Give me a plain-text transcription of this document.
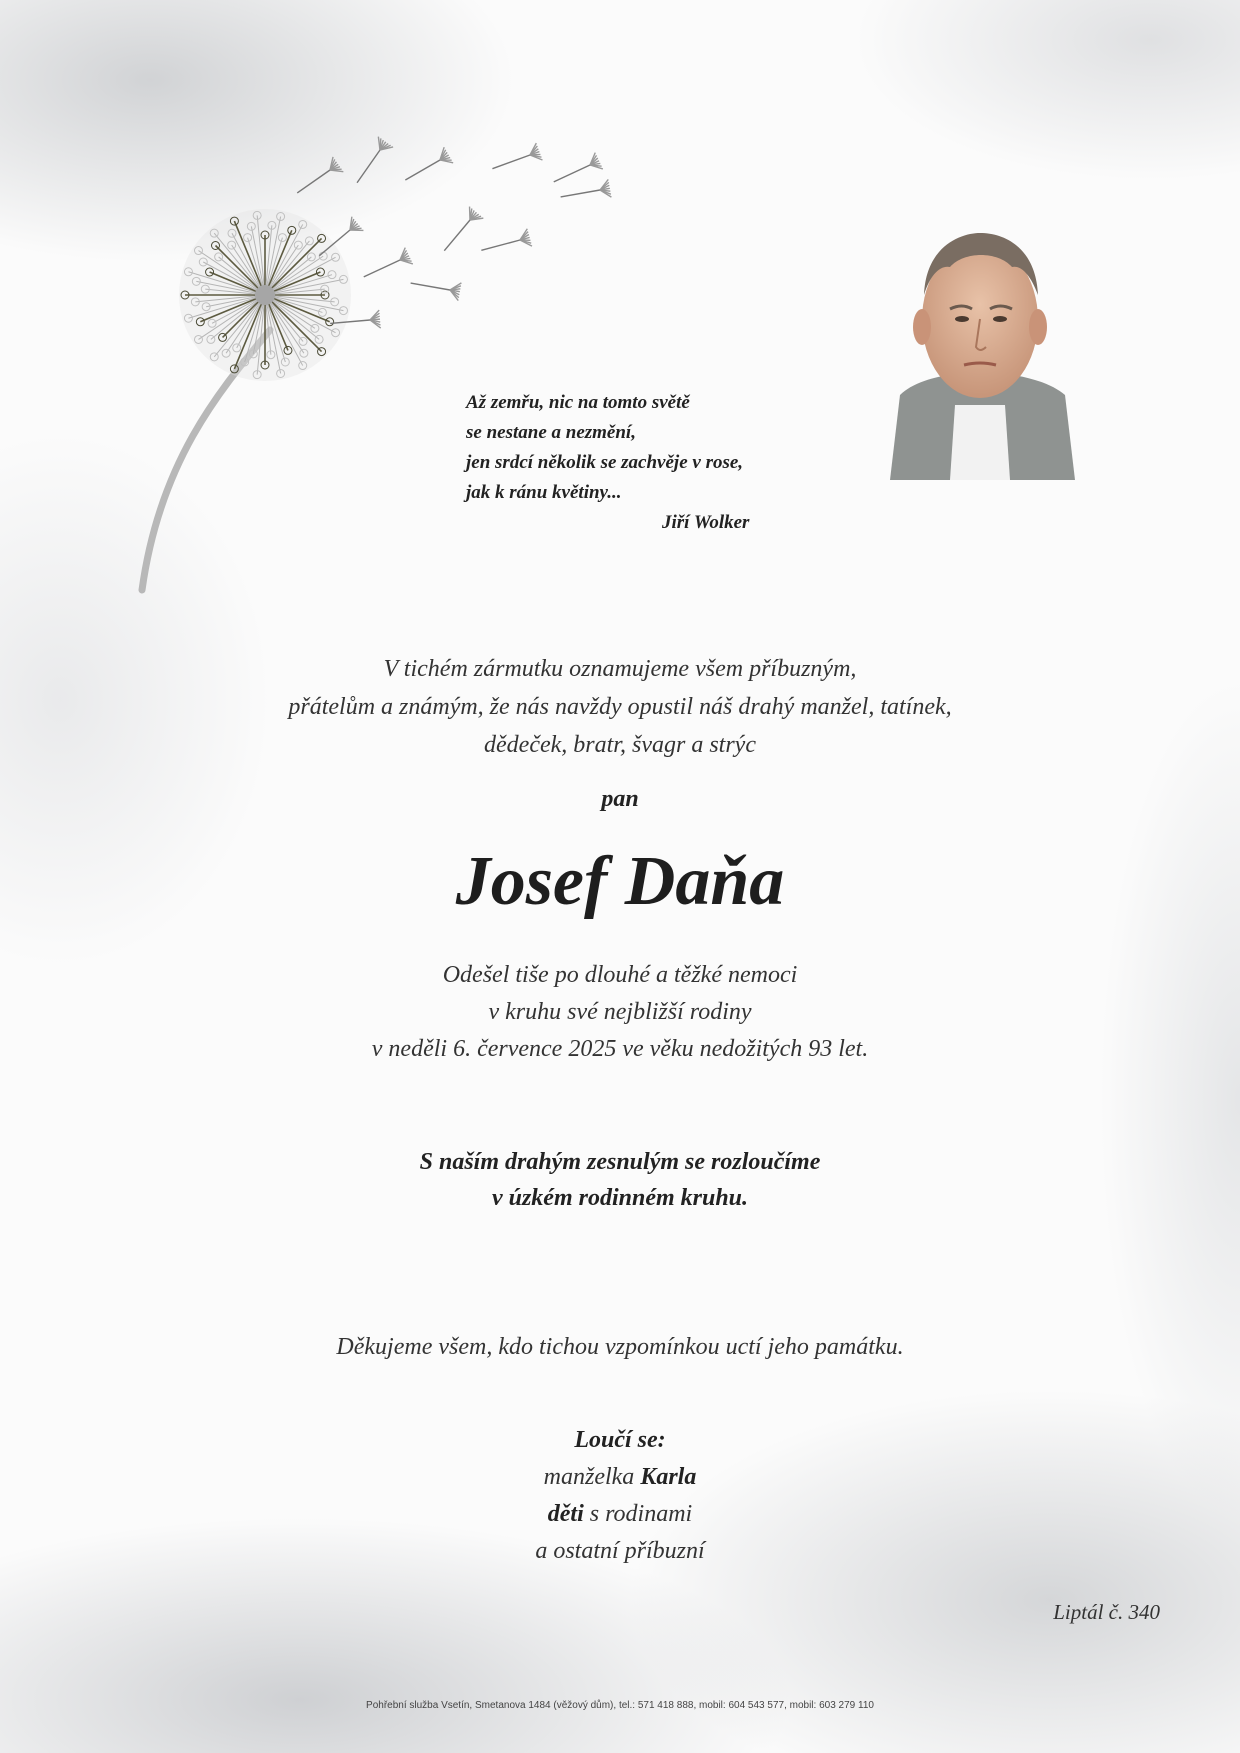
Až zemřu, nic na tomto světě
se nestane a nezmění,
jen srdcí několik se zachvěje v rose,
jak k ránu květiny...
Jiří Wolker
V tichém zármutku oznamujeme všem příbuzným,
přátelům a známým, že nás navždy opustil náš drahý manžel, tatínek,
dědeček, bratr, švagr a strýc
pan
Josef Daňa
Odešel tiše po dlouhé a těžké nemoci
v kruhu své nejbližší rodiny
v neděli 6. července 2025 ve věku nedožitých 93 let.
S naším drahým zesnulým se rozloučíme
v úzkém rodinném kruhu.
Děkujeme všem, kdo tichou vzpomínkou uctí jeho památku.
Loučí se:
manželka Karla
děti s rodinami
a ostatní příbuzní
Liptál č. 340
Pohřební služba Vsetín, Smetanova 1484 (věžový dům), tel.: 571 418 888, mobil: 604 543 577, mobil: 603 279 110
